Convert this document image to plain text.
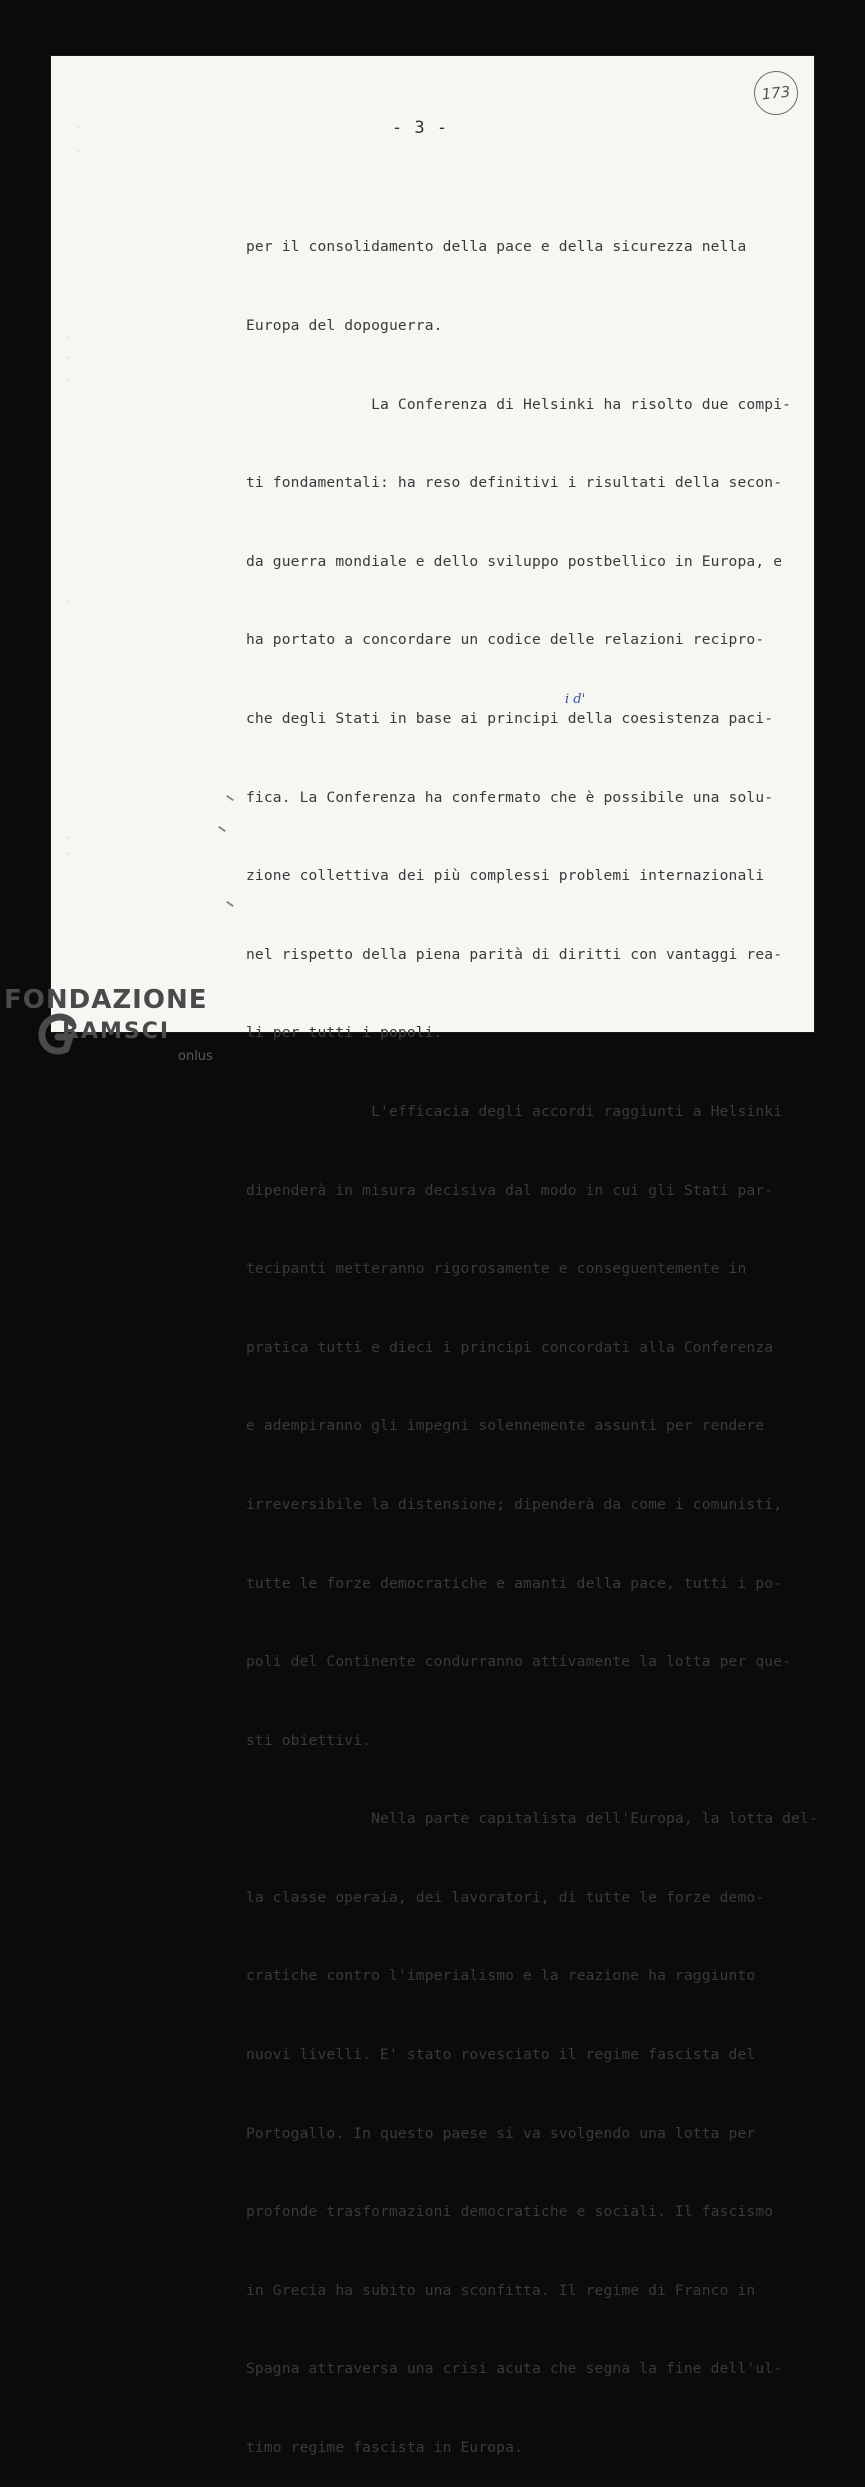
173
- 3 -

per il consolidamento della pace e della sicurezza nella

Europa del dopoguerra.

La Conferenza di Helsinki ha risolto due compi-

ti fondamentali: ha reso definitivi i risultati della secon-

da guerra mondiale e dello sviluppo postbellico in Europa, e

ha portato a concordare un codice delle relazioni recipro-

che degli Stati in base ai principi della coesistenza paci-

fica. La Conferenza ha confermato che è possibile una solu-

zione collettiva dei più complessi problemi internazionali

nel rispetto della piena parità di diritti con vantaggi rea-

li per tutti i popoli.

L'efficacia degli accordi raggiunti a Helsinki

dipenderà in misura decisiva dal modo in cui gli Stati par-

tecipanti metteranno rigorosamente e conseguentemente in

pratica tutti e dieci i principi concordati alla Conferenza

e adempiranno gli impegni solennemente assunti per rendere

irreversibile la distensione; dipenderà da come i comunisti,

tutte le forze democratiche e amanti della pace, tutti i po-

poli del Continente condurranno attivamente la lotta per que-

sti obiettivi.

Nella parte capitalista dell'Europa, la lotta del-

la classe operaia, dei lavoratori, di tutte le forze demo-

cratiche contro l'imperialismo e la reazione ha raggiunto

nuovi livelli. E' stato rovesciato il regime fascista del

Portogallo. In questo paese si va svolgendo una lotta per

profonde trasformazioni democratiche e sociali. Il fascismo

in Grecia ha subito una sconfitta. Il regime di Franco in

Spagna attraversa una crisi acuta che segna la fine dell'ul-

timo regime fascista in Europa.

i d'
FONDAZIONE
RAMSCI
onlus
